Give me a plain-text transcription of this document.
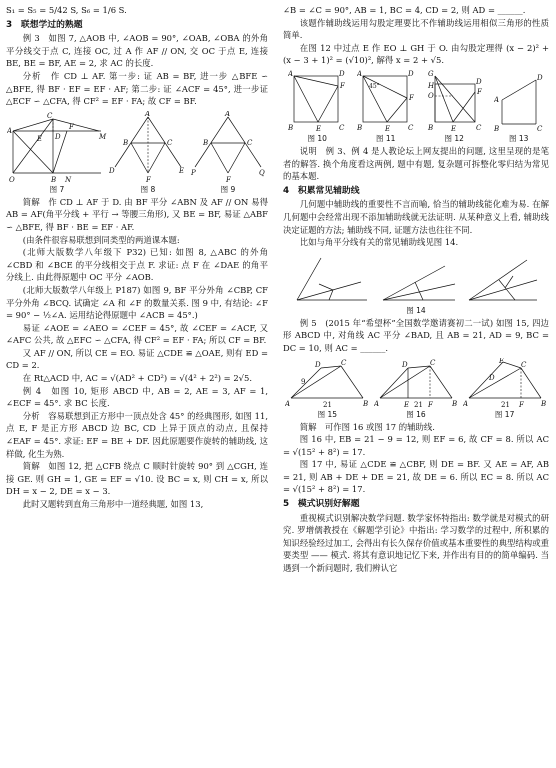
S₁ = S₅ = 5/42 S, S₆ = 1/6 S.

3　联想学过的熟题

例 3　如图 7, △AOB 中, ∠AOB = 90°, ∠OAB, ∠OBA 的外角平分线交于点 C, 连接 OC, 过 A 作 AF // ON, 交 OC 于点 E, 连接 BE, BE = BF, AE = 2, 求 AC 的长度.

分析　作 CD ⊥ AF. 第一步: 证 AB = BF, 进一步 △BFE ∽ △BFE, 得 BF · EF = EF · AF; 第二步: 证 ∠ACF = 45°, 进一步证 △ECF ∽ △CFA, 得 CF² = EF · FA; 故 CF = BF.

C
A
D
E
F
M
O	B N
图 7
A
B	C
D	E
F
图 8
A
B	C
P	Q
F
图 9

简解　作 CD ⊥ AF 于 D. 由 BF 平分 ∠ABN 及 AF // ON 易得 AB = AF(角平分线 + 平行 → 等腰三角形), 又 BE = BF, 易证 △ABF ∽ △BFE, 得 BF · BE = EF · AF.

(由条件很容易联想到同类型的两道课本题:

(北师大版数学八年级下 P32) 已知: 如图 8, △ABC 的外角 ∠CBD 和 ∠BCE 的平分线相交于点 F. 求证: 点 F 在 ∠DAE 的角平分线上. 由此得原题中 OC 平分 ∠AOB.

(北师大版数学八年级上 P187) 如图 9, BF 平分外角 ∠CBP, CF 平分外角 ∠BCQ. 试确定 ∠A 和 ∠F 的数量关系. 图 9 中, 有结论: ∠F = 90° − ½∠A. 运用结论得原题中 ∠ACB = 45°.)

易证 ∠AOE = ∠AEO = ∠CEF = 45°, 故 ∠CEF = ∠ACF, 又 ∠AFC 公共, 故 △EFC ∽ △CFA, 得 CF² = EF · FA; 所以 CF = BF.

又 AF // ON, 所以 CE = EO. 易证 △CDE ≌ △OAE, 则有 ED = CD = 2.

在 Rt△ACD 中, AC = √(AD² + CD²) = √(4² + 2²) = 2√5.

例 4　如图 10, 矩形 ABCD 中, AB = 2, AE = 3, AF = 1, ∠ECF = 45°. 求 BC 长度.

分析　容易联想到正方形中一顶点处含 45° 的经典图形, 如图 11, 点 E, F 是正方形 ABCD 边 BC, CD 上异于顶点的动点, 且保持 ∠EAF = 45°. 求证: EF = BE + DF. 因此原题要作旋转的辅助线, 这样做, 化生为熟.

简解　如图 12, 把 △CFB 绕点 C 顺时针旋转 90° 到 △CGH, 连接 GE. 则 GH = 1, GE = EF = √10. 设 BC = x, 则 CH = x, 所以 DH = x − 2, DE = x − 3.

此时又题转到直角三角形中一道经典题, 如图 13,

∠B = ∠C = 90°, AB = 1, BC = 4, CD = 2, 则 AD = ______.

该题作辅助线运用勾股定理要比不作辅助线运用相似三角形的性质简单.

在图 12 中过点 E 作 EO ⊥ GH 于 O. 由勾股定理得 (x − 2)² + (x − 3 + 1)² = (√10)², 解得 x = 2 + √5.

A	D
F
B	E	C
图 10
45°
A	D
F
B	E	C
图 11
G
H
O
D
F
B	E	C
图 12
A
B	C
D
图 13

说明　例 3、例 4 是人教论坛上网友提出的问题, 这里呈现的是笔者的解答. 换个角度看这两例, 题中有题, 复杂题可拆整化零归结为常见的基本题.

4　积累常见辅助线

几何题中辅助线的重要性不言而喻, 恰当的辅助线能化难为易. 在解几何题中会经常出现不添加辅助线就无法证明. 从某种意义上看, 辅助线决定证题的方法; 辅助线不同, 证题方法也往往不同.

比如与角平分线有关的常见辅助线见图 14.

图 14

例 5　(2015 年“希望杯”全国数学邀请赛初二一试) 如图 15, 四边形 ABCD 中, 对角线 AC 平分 ∠BAD, 且 AB = 21, AD = 9, BC = DC = 10, 则 AC = ______.

A	B
C
D
9
21
图 15
A	B
C
D
E	F
21
图 16
A	B
C
E
D
F
21
图 17

简解　可作图 16 或图 17 的辅助线.

图 16 中, EB = 21 − 9 = 12, 则 EF = 6, 故 CF = 8. 所以 AC = √(15² + 8²) = 17.

图 17 中, 易证 △CDE ≌ △CBF, 则 DE = BF. 又 AE = AF, AB = 21, 则 AB + DE + DE = 21, 故 DE = 6. 所以 EC = 8. 所以 AC = √(15² + 8²) = 17.

5　模式识别好解题

重视模式识别解决数学问题. 数学家怀特指出: 数学就是对模式的研究. 罗增儒教授在《解题学引论》中指出: 学习数学的过程中, 所积累的知识经验经过加工, 会得出有长久保存价值或基本重要性的典型结构或重要类型 —— 模式. 将其有意识地记忆下来, 并作出有目的的简单编码. 当遇到一个新问题时, 我们辨认它
